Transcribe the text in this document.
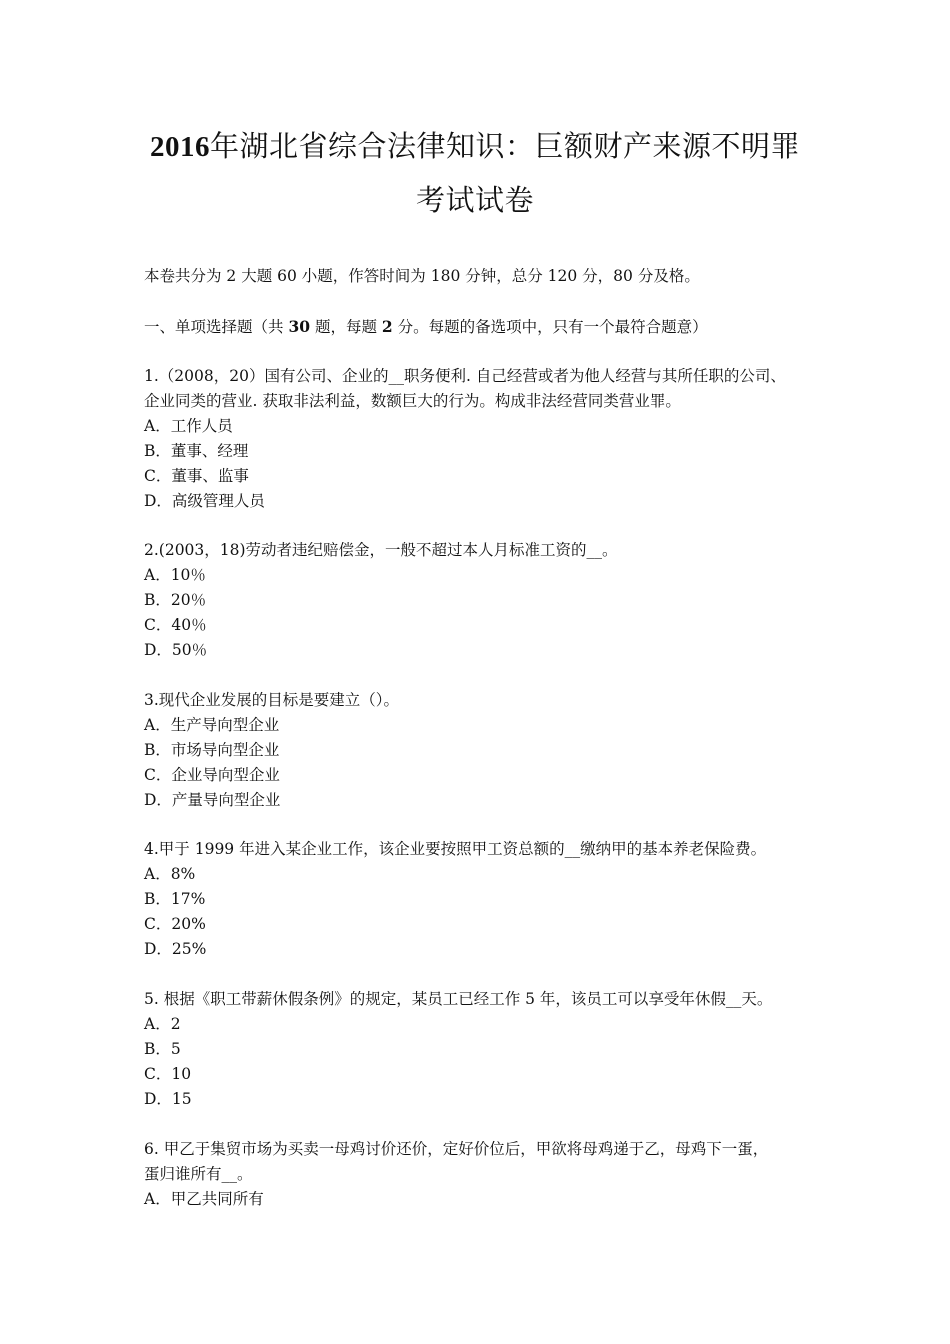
2016年湖北省综合法律知识：巨额财产来源不明罪
考试试卷
本卷共分为 2 大题 60 小题，作答时间为 180 分钟，总分 120 分，80 分及格。
一、单项选择题（共 30 题，每题 2 分。每题的备选项中，只有一个最符合题意）
1.（2008，20）国有公司、企业的__职务便利. 自己经营或者为他人经营与其所任职的公司、
企业同类的营业. 获取非法利益，数额巨大的行为。构成非法经营同类营业罪。
A．工作人员
B．董事、经理
C．董事、监事
D．高级管理人员
2.(2003，18)劳动者违纪赔偿金，一般不超过本人月标准工资的__。
A．10％
B．20％
C．40％
D．50％
3.现代企业发展的目标是要建立（）。
A．生产导向型企业
B．市场导向型企业
C．企业导向型企业
D．产量导向型企业
4.甲于 1999 年进入某企业工作，该企业要按照甲工资总额的__缴纳甲的基本养老保险费。
A．8%
B．17%
C．20%
D．25%
5. 根据《职工带薪休假条例》的规定，某员工已经工作 5 年，该员工可以享受年休假__天。
A．2
B．5
C．10
D．15
6. 甲乙于集贸市场为买卖一母鸡讨价还价，定好价位后，甲欲将母鸡递于乙，母鸡下一蛋，
蛋归谁所有__。
A．甲乙共同所有
